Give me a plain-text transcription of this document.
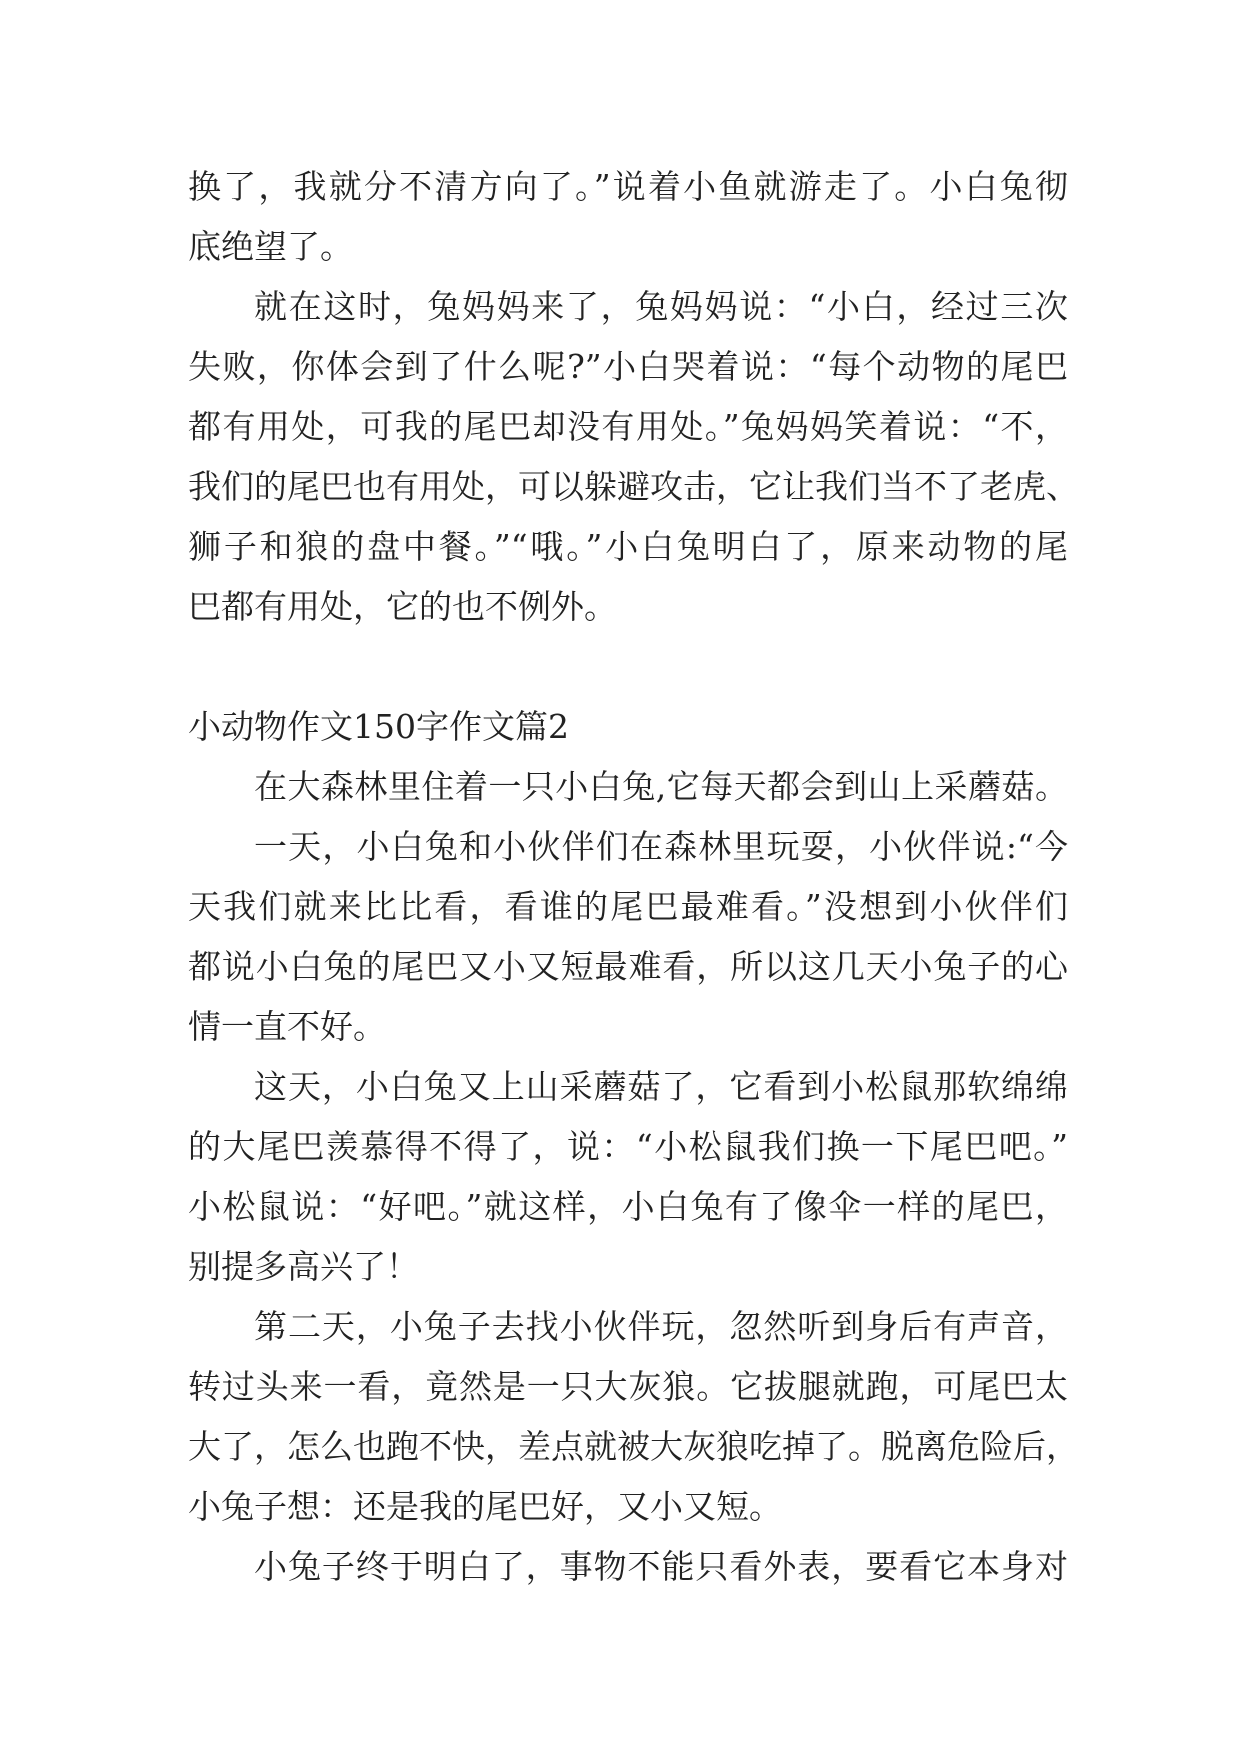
换了，我就分不清方向了。”说着小鱼就游走了。小白兔彻
底绝望了。
就在这时，兔妈妈来了，兔妈妈说：“小白，经过三次
失败，你体会到了什么呢?”小白哭着说：“每个动物的尾巴
都有用处，可我的尾巴却没有用处。”兔妈妈笑着说：“不，
我们的尾巴也有用处，可以躲避攻击，它让我们当不了老虎、
狮子和狼的盘中餐。”“哦。”小白兔明白了，原来动物的尾
巴都有用处，它的也不例外。
小动物作文150字作文篇2
在大森林里住着一只小白兔,它每天都会到山上采蘑菇。
一天，小白兔和小伙伴们在森林里玩耍，小伙伴说:“今
天我们就来比比看，看谁的尾巴最难看。”没想到小伙伴们
都说小白兔的尾巴又小又短最难看，所以这几天小兔子的心
情一直不好。
这天，小白兔又上山采蘑菇了，它看到小松鼠那软绵绵
的大尾巴羡慕得不得了，说：“小松鼠我们换一下尾巴吧。”
小松鼠说：“好吧。”就这样，小白兔有了像伞一样的尾巴，
别提多高兴了！
第二天，小兔子去找小伙伴玩，忽然听到身后有声音，
转过头来一看，竟然是一只大灰狼。它拔腿就跑，可尾巴太
大了，怎么也跑不快，差点就被大灰狼吃掉了。脱离危险后，
小兔子想：还是我的尾巴好，又小又短。
小兔子终于明白了，事物不能只看外表，要看它本身对
